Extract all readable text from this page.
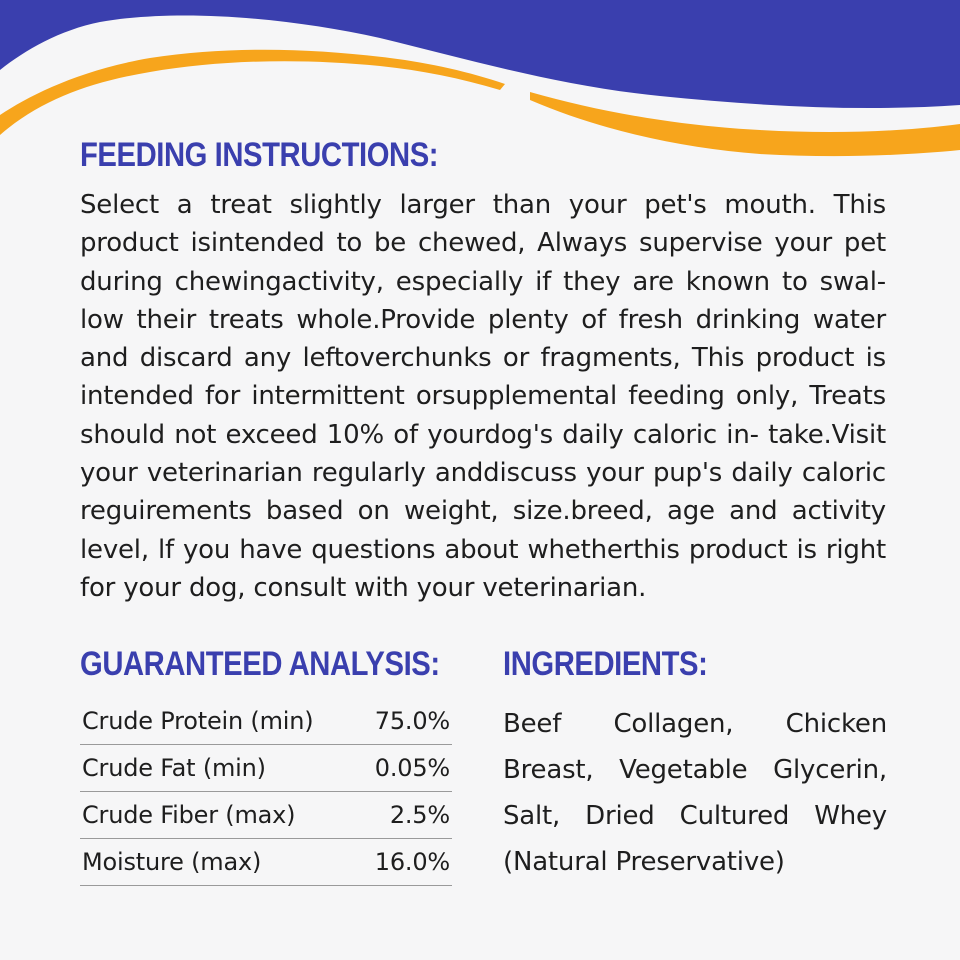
FEEDING INSTRUCTIONS:

Select a treat slightly larger than your pet's mouth. This product isintended to be chewed, Always supervise your pet during chewingactivity, especially if they are known to swal- low their treats whole.Provide plenty of fresh drinking water and discard any leftoverchunks or fragments, This product is intended for intermittent orsupplemental feeding only, Treats should not exceed 10% of yourdog's daily caloric in- take.Visit your veterinarian regularly anddiscuss your pup's daily caloric reguirements based on weight, size.breed, age and activity level, lf you have questions about whetherthis product is right for your dog, consult with your veterinarian.

GUARANTEED ANALYSIS:
Crude Protein (min)	75.0%
Crude Fat (min)	0.05%
Crude Fiber (max)	2.5%
Moisture (max)	16.0%
INGREDIENTS:

Beef Collagen, Chicken Breast, Vegetable Glycerin, Salt, Dried Cultured Whey (Natural Preservative)
